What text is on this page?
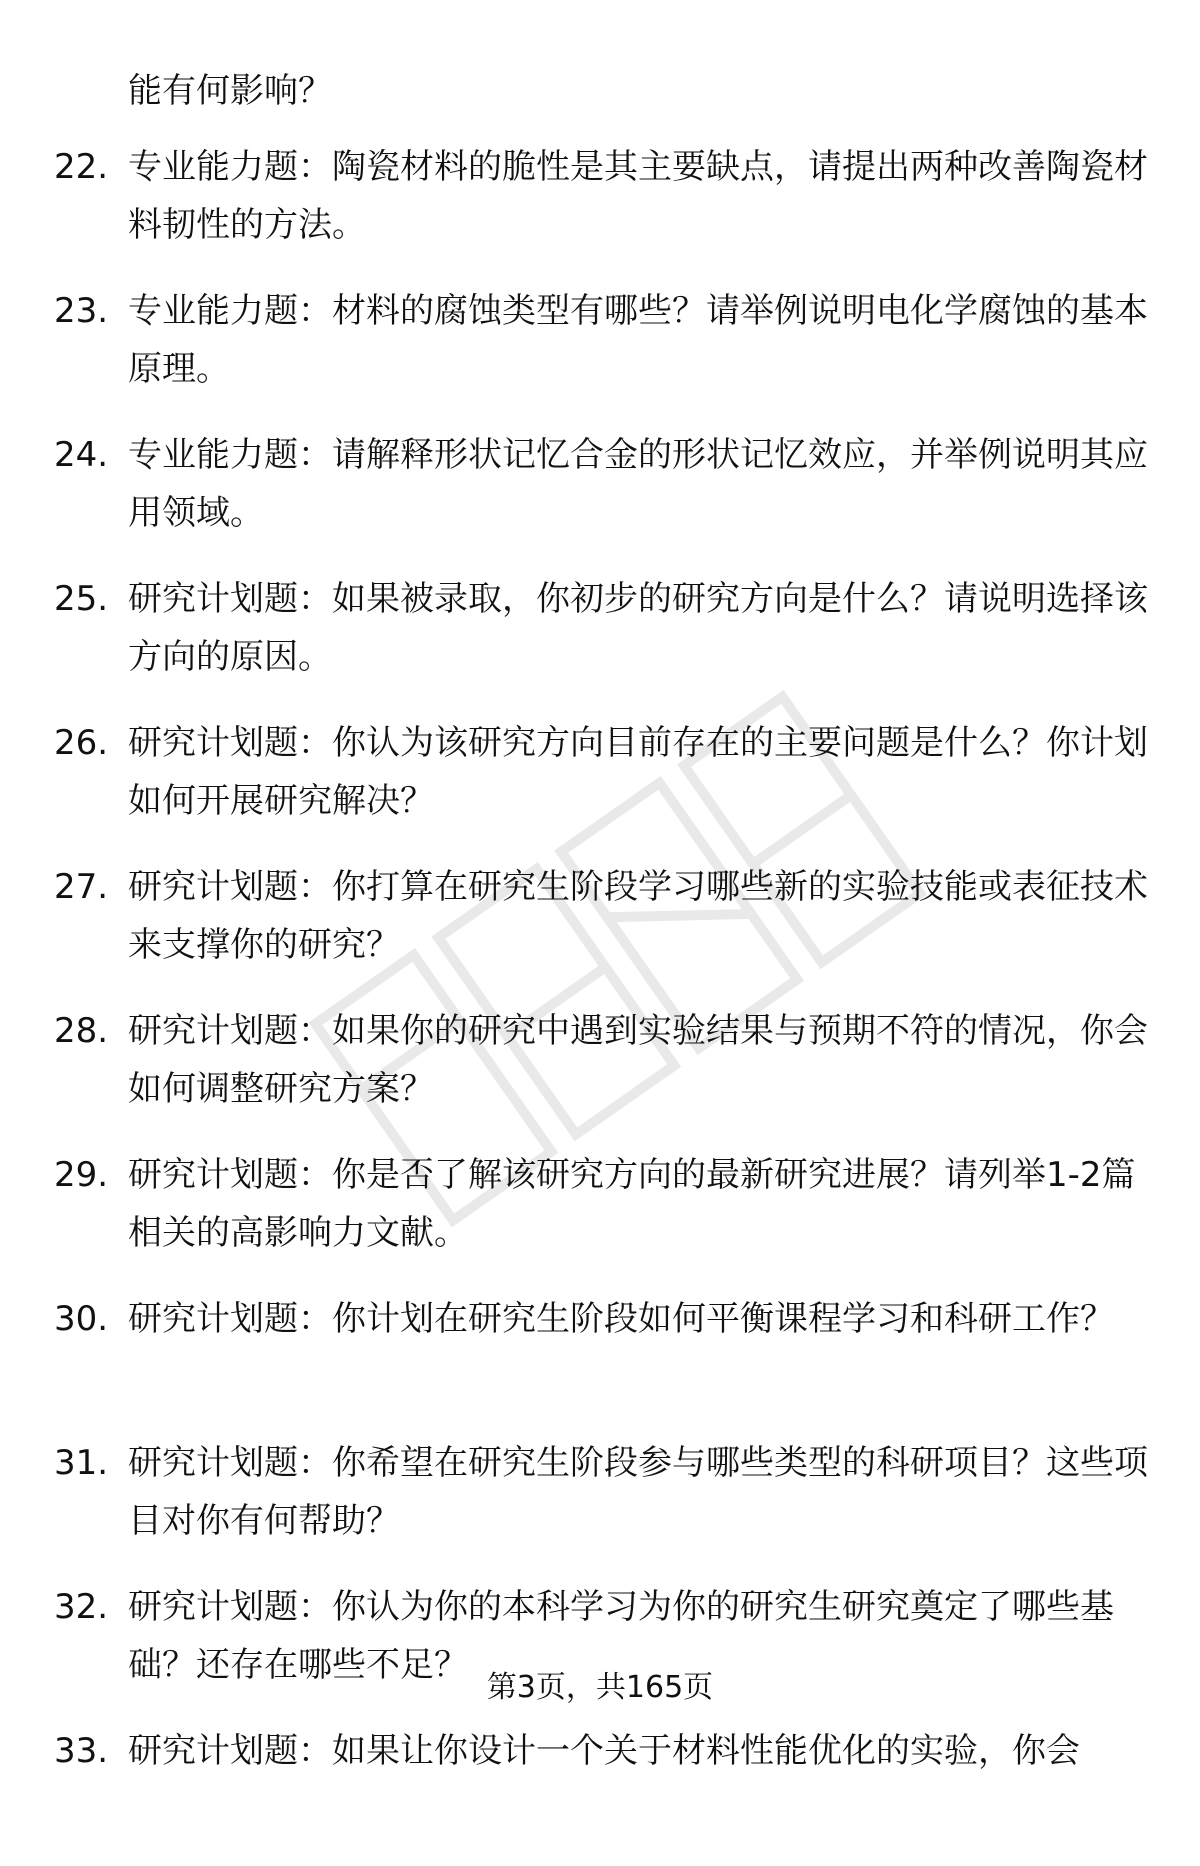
能有何影响？

22. 专业能力题：陶瓷材料的脆性是其主要缺点，请提出两种改善陶瓷材料韧性的方法。

23. 专业能力题：材料的腐蚀类型有哪些？请举例说明电化学腐蚀的基本原理。

24. 专业能力题：请解释形状记忆合金的形状记忆效应，并举例说明其应用领域。

25. 研究计划题：如果被录取，你初步的研究方向是什么？请说明选择该方向的原因。

26. 研究计划题：你认为该研究方向目前存在的主要问题是什么？你计划如何开展研究解决？

27. 研究计划题：你打算在研究生阶段学习哪些新的实验技能或表征技术来支撑你的研究？

28. 研究计划题：如果你的研究中遇到实验结果与预期不符的情况，你会如何调整研究方案？

29. 研究计划题：你是否了解该研究方向的最新研究进展？请列举1-2篇相关的高影响力文献。

30. 研究计划题：你计划在研究生阶段如何平衡课程学习和科研工作？

31. 研究计划题：你希望在研究生阶段参与哪些类型的科研项目？这些项目对你有何帮助？

32. 研究计划题：你认为你的本科学习为你的研究生研究奠定了哪些基础？还存在哪些不足？

33. 研究计划题：如果让你设计一个关于材料性能优化的实验，你会

第3页，共165页
